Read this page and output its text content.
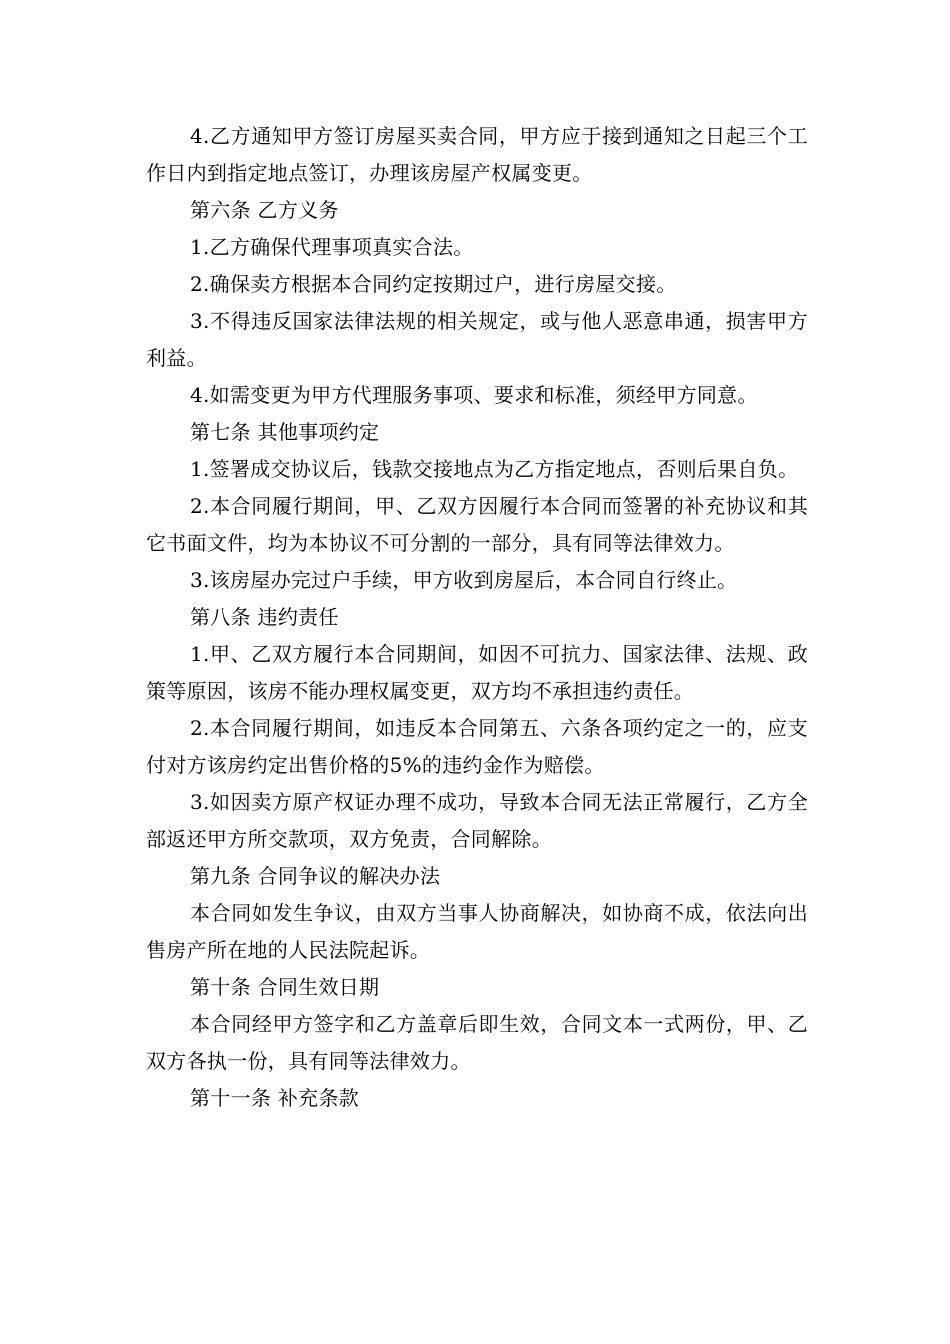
4.乙方通知甲方签订房屋买卖合同，甲方应于接到通知之日起三个工作日内到指定地点签订，办理该房屋产权属变更。

第六条 乙方义务

1.乙方确保代理事项真实合法。

2.确保卖方根据本合同约定按期过户，进行房屋交接。

3.不得违反国家法律法规的相关规定，或与他人恶意串通，损害甲方利益。

4.如需变更为甲方代理服务事项、要求和标准，须经甲方同意。

第七条 其他事项约定

1.签署成交协议后，钱款交接地点为乙方指定地点，否则后果自负。

2.本合同履行期间，甲、乙双方因履行本合同而签署的补充协议和其它书面文件，均为本协议不可分割的一部分，具有同等法律效力。

3.该房屋办完过户手续，甲方收到房屋后，本合同自行终止。

第八条 违约责任

1.甲、乙双方履行本合同期间，如因不可抗力、国家法律、法规、政策等原因，该房不能办理权属变更，双方均不承担违约责任。

2.本合同履行期间，如违反本合同第五、六条各项约定之一的，应支付对方该房约定出售价格的5%的违约金作为赔偿。

3.如因卖方原产权证办理不成功，导致本合同无法正常履行，乙方全部返还甲方所交款项，双方免责，合同解除。

第九条 合同争议的解决办法

本合同如发生争议，由双方当事人协商解决，如协商不成，依法向出售房产所在地的人民法院起诉。

第十条 合同生效日期

本合同经甲方签字和乙方盖章后即生效，合同文本一式两份，甲、乙双方各执一份，具有同等法律效力。

第十一条 补充条款
